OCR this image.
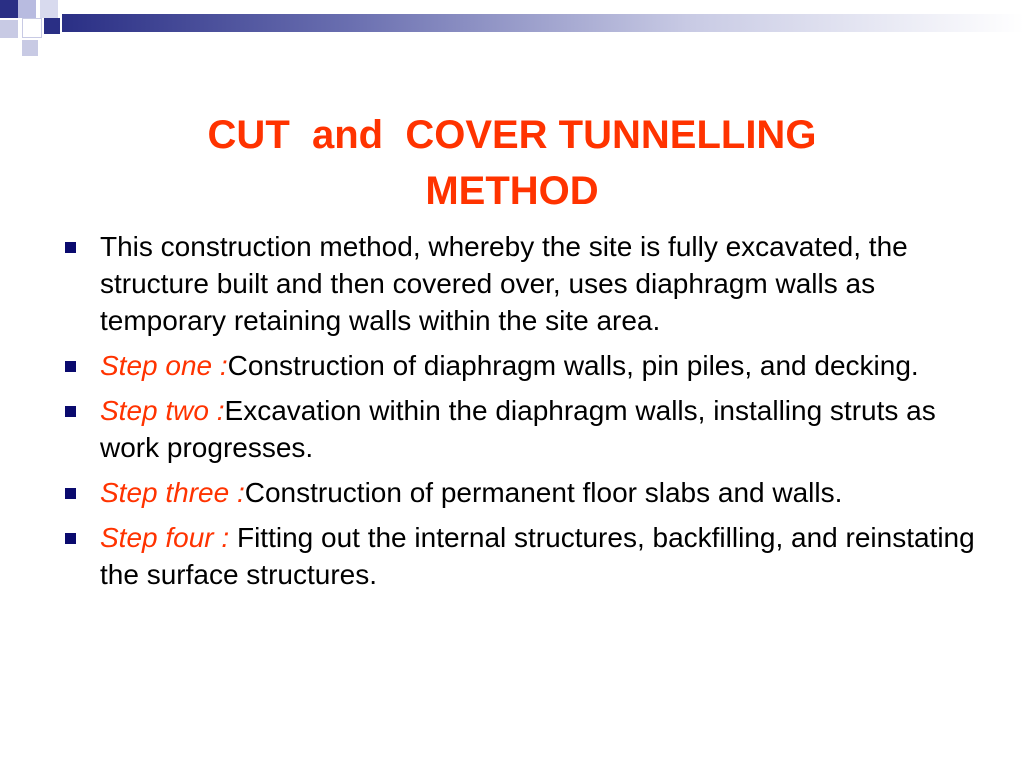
CUT  and  COVER TUNNELLING
METHOD
This construction method, whereby the site is fully excavated, the structure built and then covered over, uses diaphragm walls as temporary retaining walls within the site area.
Step one :Construction of diaphragm walls, pin piles, and decking.
Step two :Excavation within the diaphragm walls, installing struts as work progresses.
Step three :Construction of permanent floor slabs and walls.
Step four : Fitting out the internal structures, backfilling, and reinstating the surface structures.
